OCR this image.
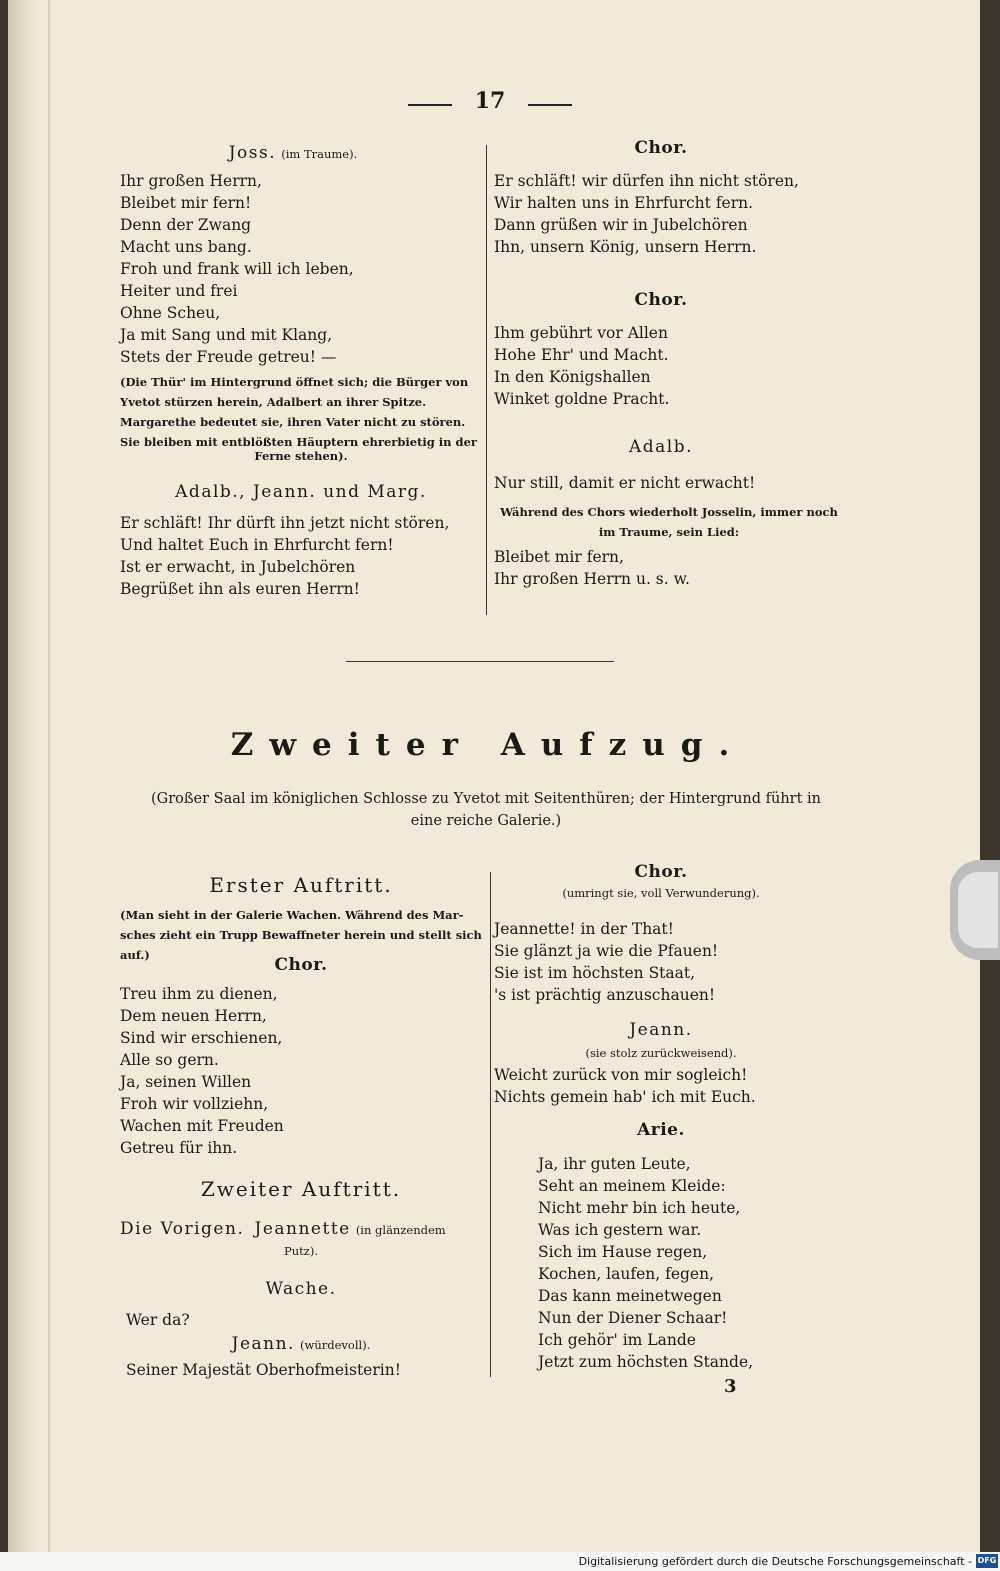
17
Joss. (im Traume).
Ihr großen Herrn,
Bleibet mir fern!
Denn der Zwang
Macht uns bang.
Froh und frank will ich leben,
Heiter und frei
Ohne Scheu,
Ja mit Sang und mit Klang,
Stets der Freude getreu! —
(Die Thür' im Hintergrund öffnet sich; die Bürger von
Yvetot stürzen herein, Adalbert an ihrer Spitze.
Margarethe bedeutet sie, ihren Vater nicht zu stören.
Sie bleiben mit entblößten Häuptern ehrerbietig in der
Ferne stehen).
Adalb., Jeann. und Marg.
Er schläft! Ihr dürft ihn jetzt nicht stören,
Und haltet Euch in Ehrfurcht fern!
Ist er erwacht, in Jubelchören
Begrüßet ihn als euren Herrn!
Chor.
Er schläft! wir dürfen ihn nicht stören,
Wir halten uns in Ehrfurcht fern.
Dann grüßen wir in Jubelchören
Ihn, unsern König, unsern Herrn.
Chor.
Ihm gebührt vor Allen
Hohe Ehr' und Macht.
In den Königshallen
Winket goldne Pracht.
Adalb.
Nur still, damit er nicht erwacht!
Während des Chors wiederholt Josselin, immer noch
im Traume, sein Lied:
Bleibet mir fern,
Ihr großen Herrn u. s. w.
Zweiter Aufzug.
(Großer Saal im königlichen Schlosse zu Yvetot mit Seitenthüren; der Hintergrund führt in
eine reiche Galerie.)
Erster Auftritt.
(Man sieht in der Galerie Wachen. Während des Mar-
sches zieht ein Trupp Bewaffneter herein und stellt sich auf.)	Chor.
Treu ihm zu dienen,
Dem neuen Herrn,
Sind wir erschienen,
Alle so gern.
Ja, seinen Willen
Froh wir vollziehn,
Wachen mit Freuden
Getreu für ihn.
Zweiter Auftritt.
Die Vorigen. Jeannette (in glänzendem
Putz).
Wache.
Wer da?
Jeann. (würdevoll).
Seiner Majestät Oberhofmeisterin!
Chor.
(umringt sie, voll Verwunderung).
Jeannette! in der That!
Sie glänzt ja wie die Pfauen!
Sie ist im höchsten Staat,
's ist prächtig anzuschauen!
Jeann.
(sie stolz zurückweisend).
Weicht zurück von mir sogleich!
Nichts gemein hab' ich mit Euch.
Arie.
Ja, ihr guten Leute,
Seht an meinem Kleide:
Nicht mehr bin ich heute,
Was ich gestern war.
Sich im Hause regen,
Kochen, laufen, fegen,
Das kann meinetwegen
Nun der Diener Schaar!
Ich gehör' im Lande
Jetzt zum höchsten Stande,
3
Digitalisierung gefördert durch die Deutsche Forschungsgemeinschaft - DFG
